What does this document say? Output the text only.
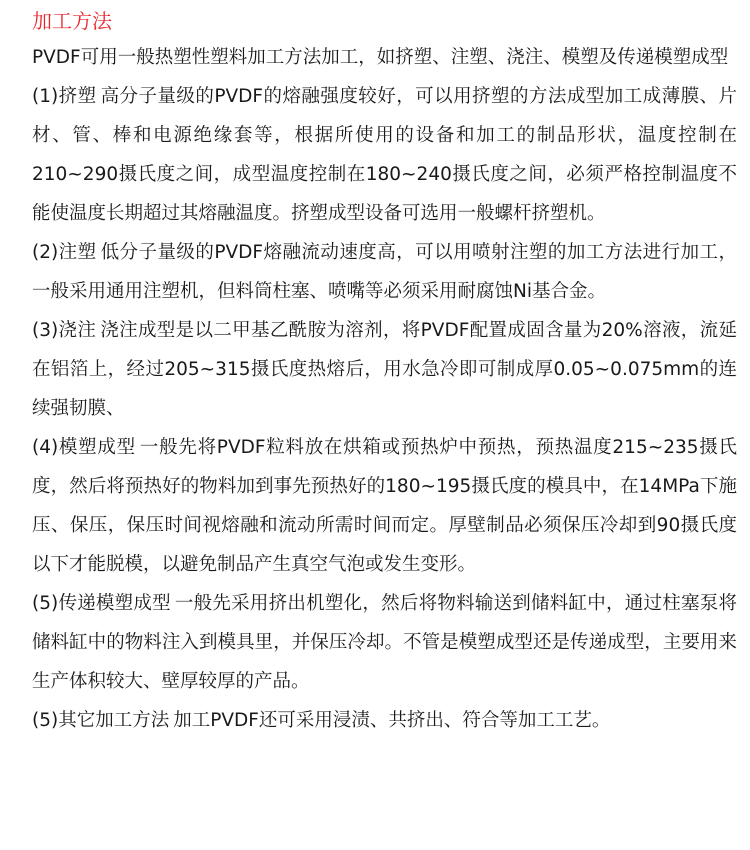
加工方法

PVDF可用一般热塑性塑料加工方法加工，如挤塑、注塑、浇注、模塑及传递模塑成型

(1)挤塑 高分子量级的PVDF的熔融强度较好，可以用挤塑的方法成型加工成薄膜、片材、管、棒和电源绝缘套等，根据所使用的设备和加工的制品形状，温度控制在210~290摄氏度之间，成型温度控制在180~240摄氏度之间，必须严格控制温度不能使温度长期超过其熔融温度。挤塑成型设备可选用一般螺杆挤塑机。

(2)注塑 低分子量级的PVDF熔融流动速度高，可以用喷射注塑的加工方法进行加工，一般采用通用注塑机，但料筒柱塞、喷嘴等必须采用耐腐蚀Ni基合金。

(3)浇注 浇注成型是以二甲基乙酰胺为溶剂，将PVDF配置成固含量为20%溶液，流延在铝箔上，经过205~315摄氏度热熔后，用水急冷即可制成厚0.05~0.075mm的连续强韧膜、

(4)模塑成型 一般先将PVDF粒料放在烘箱或预热炉中预热，预热温度215~235摄氏度，然后将预热好的物料加到事先预热好的180~195摄氏度的模具中，在14MPa下施压、保压，保压时间视熔融和流动所需时间而定。厚壁制品必须保压冷却到90摄氏度以下才能脱模，以避免制品产生真空气泡或发生变形。

(5)传递模塑成型 一般先采用挤出机塑化，然后将物料输送到储料缸中，通过柱塞泵将储料缸中的物料注入到模具里，并保压冷却。不管是模塑成型还是传递成型，主要用来生产体积较大、壁厚较厚的产品。

(5)其它加工方法 加工PVDF还可采用浸渍、共挤出、符合等加工工艺。
